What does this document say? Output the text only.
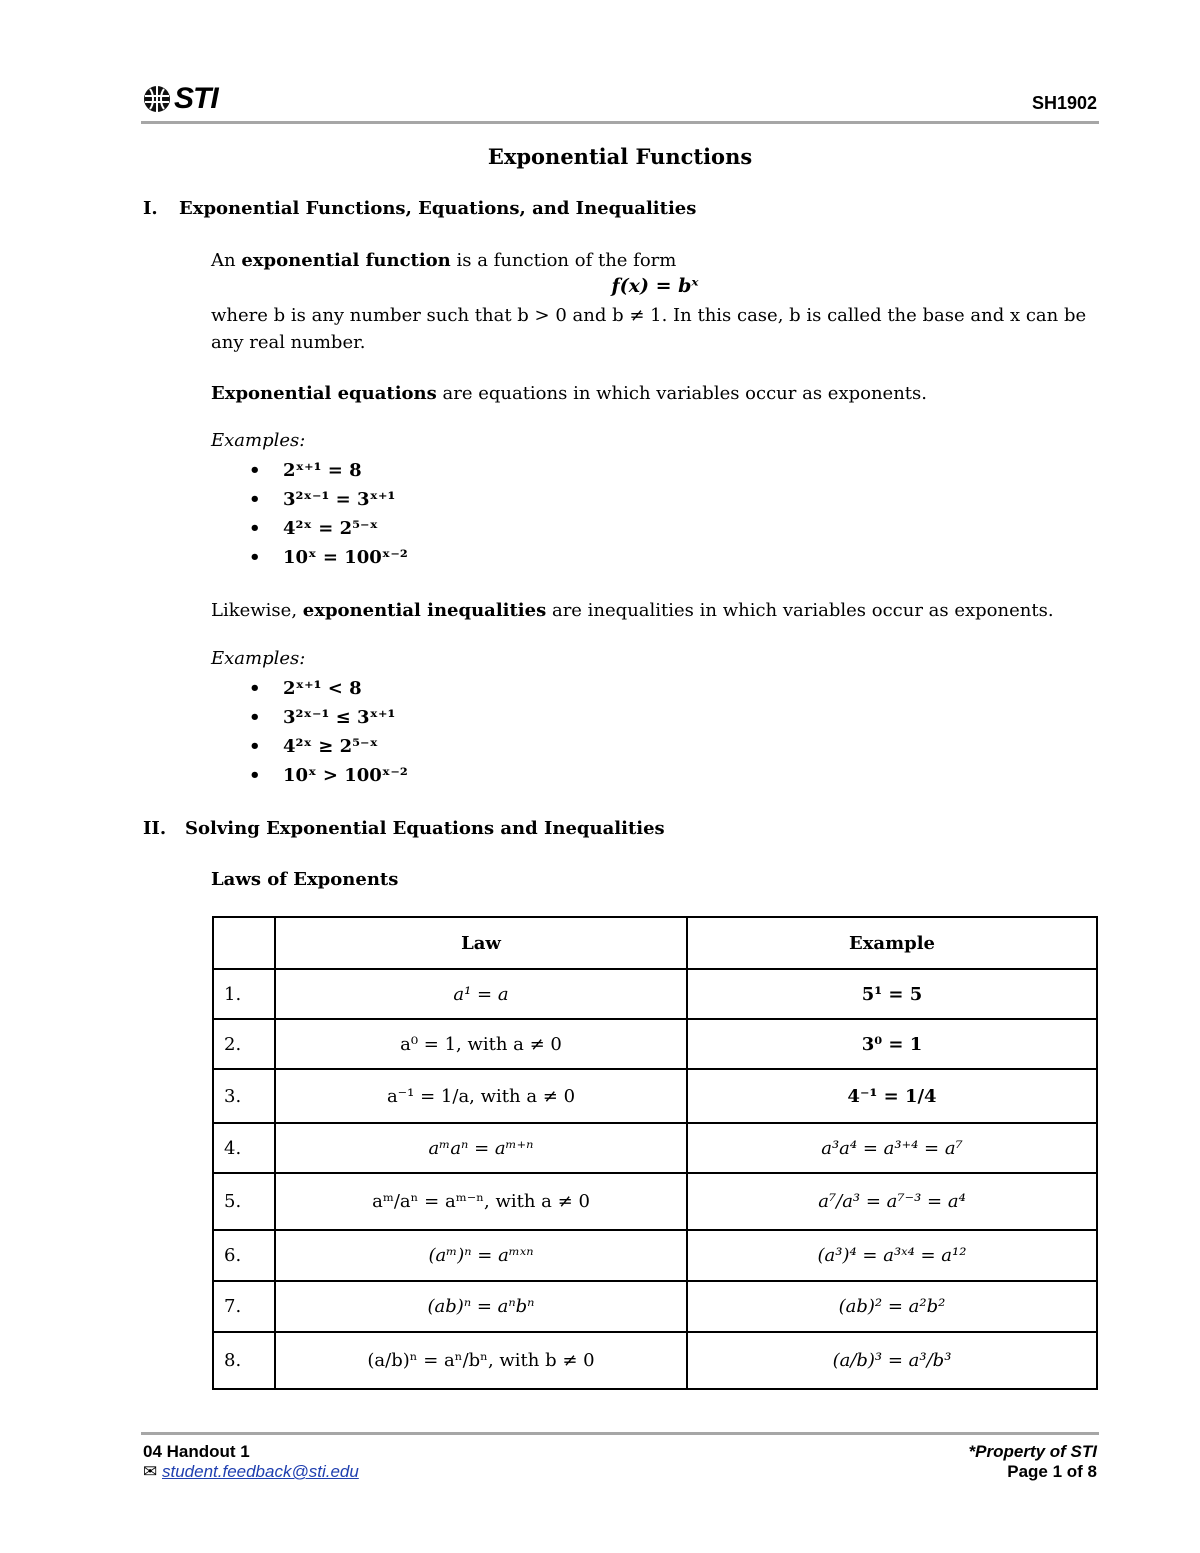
STI	SH1902
Exponential Functions
I. Exponential Functions, Equations, and Inequalities
An exponential function is a function of the form
f(x) = bˣ
where b is any number such that b > 0 and b ≠ 1. In this case, b is called the base and x can be any real number.
Exponential equations are equations in which variables occur as exponents.
Examples:
• 2ˣ⁺¹ = 8
• 3²ˣ⁻¹ = 3ˣ⁺¹
• 4²ˣ = 2⁵⁻ˣ
• 10ˣ = 100ˣ⁻²
Likewise, exponential inequalities are inequalities in which variables occur as exponents.
Examples:
• 2ˣ⁺¹ < 8
• 3²ˣ⁻¹ ≤ 3ˣ⁺¹
• 4²ˣ ≥ 2⁵⁻ˣ
• 10ˣ > 100ˣ⁻²
II. Solving Exponential Equations and Inequalities
Laws of Exponents
	Law	Example
1.	a¹ = a	5¹ = 5
2.	a⁰ = 1, with a ≠ 0	3⁰ = 1
3.	a⁻¹ = 1/a, with a ≠ 0	4⁻¹ = 1/4
4.	aᵐaⁿ = aᵐ⁺ⁿ	a³a⁴ = a³⁺⁴ = a⁷
5.	aᵐ/aⁿ = aᵐ⁻ⁿ, with a ≠ 0	a⁷/a³ = a⁷⁻³ = a⁴
6.	(aᵐ)ⁿ = aᵐˣⁿ	(a³)⁴ = a³ˣ⁴ = a¹²
7.	(ab)ⁿ = aⁿbⁿ	(ab)² = a²b²
8.	(a/b)ⁿ = aⁿ/bⁿ, with b ≠ 0	(a/b)³ = a³/b³
04 Handout 1
✉ student.feedback@sti.edu
*Property of STI
Page 1 of 8
